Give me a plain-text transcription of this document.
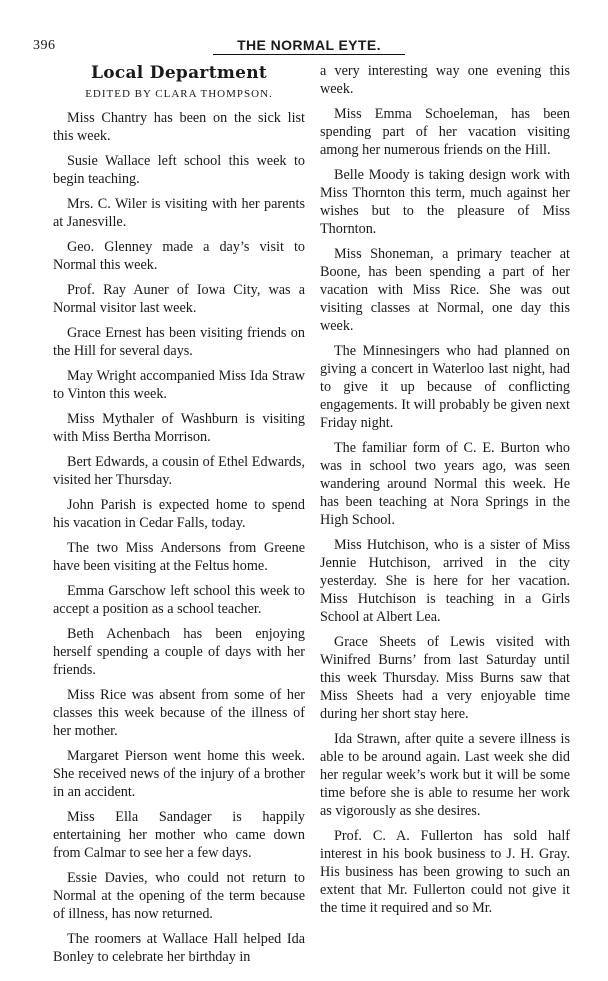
396	THE NORMAL EYTE.
Local Department
EDITED BY CLARA THOMPSON.

Miss Chantry has been on the sick list this week.

Susie Wallace left school this week to begin teaching.

Mrs. C. Wiler is visiting with her parents at Janesville.

Geo. Glenney made a day’s visit to Normal this week.

Prof. Ray Auner of Iowa City, was a Normal visitor last week.

Grace Ernest has been visiting friends on the Hill for several days.

May Wright accompanied Miss Ida Straw to Vinton this week.

Miss Mythaler of Washburn is visiting with Miss Bertha Morrison.

Bert Edwards, a cousin of Ethel Edwards, visited her Thursday.

John Parish is expected home to spend his vacation in Cedar Falls, today.

The two Miss Andersons from Greene have been visiting at the Feltus home.

Emma Garschow left school this week to accept a position as a school teacher.

Beth Achenbach has been enjoying herself spending a couple of days with her friends.

Miss Rice was absent from some of her classes this week because of the illness of her mother.

Margaret Pierson went home this week. She received news of the injury of a brother in an accident.

Miss Ella Sandager is happily entertaining her mother who came down from Calmar to see her a few days.

Essie Davies, who could not return to Normal at the opening of the term because of illness, has now returned.

The roomers at Wallace Hall helped Ida Bonley to celebrate her birthday in

a very interesting way one evening this week.

Miss Emma Schoeleman, has been spending part of her vacation visiting among her numerous friends on the Hill.

Belle Moody is taking design work with Miss Thornton this term, much against her wishes but to the pleasure of Miss Thornton.

Miss Shoneman, a primary teacher at Boone, has been spending a part of her vacation with Miss Rice. She was out visiting classes at Normal, one day this week.

The Minnesingers who had planned on giving a concert in Waterloo last night, had to give it up because of conflicting engagements. It will probably be given next Friday night.

The familiar form of C. E. Burton who was in school two years ago, was seen wandering around Normal this week. He has been teaching at Nora Springs in the High School.

Miss Hutchison, who is a sister of Miss Jennie Hutchison, arrived in the city yesterday. She is here for her vacation. Miss Hutchison is teaching in a Girls School at Albert Lea.

Grace Sheets of Lewis visited with Winifred Burns’ from last Saturday until this week Thursday. Miss Burns saw that Miss Sheets had a very enjoyable time during her short stay here.

Ida Strawn, after quite a severe illness is able to be around again. Last week she did her regular week’s work but it will be some time before she is able to resume her work as vigorously as she desires.

Prof. C. A. Fullerton has sold half interest in his book business to J. H. Gray. His business has been growing to such an extent that Mr. Fullerton could not give it the time it required and so Mr.
